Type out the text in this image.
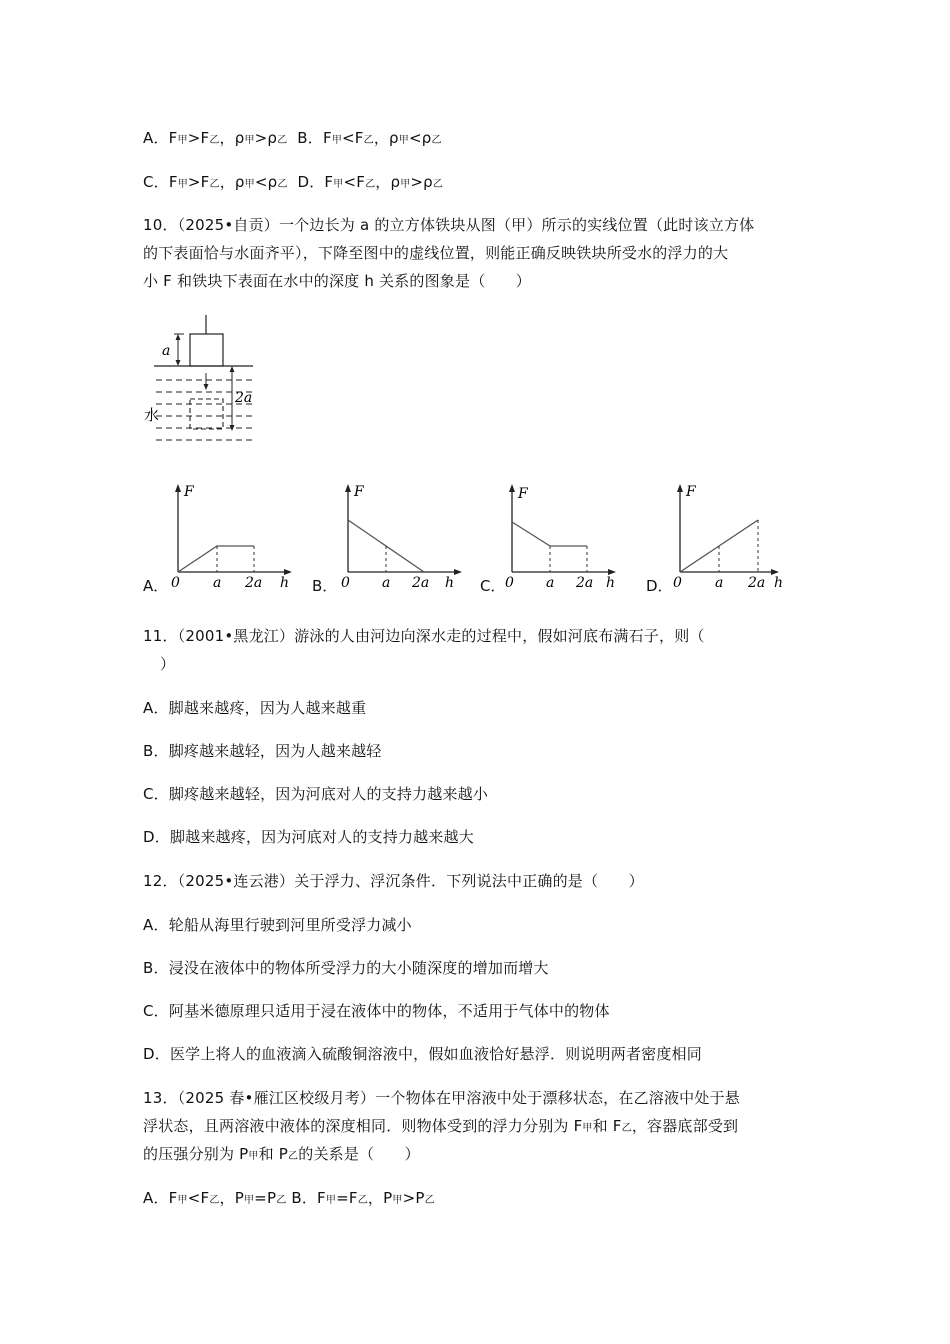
A．F甲>F乙，ρ甲>ρ乙 B．F甲<F乙，ρ甲<ρ乙
C．F甲>F乙，ρ甲<ρ乙 D．F甲<F乙，ρ甲>ρ乙
10．（2025•自贡）一个边长为 a 的立方体铁块从图（甲）所示的实线位置（此时该立方体
的下表面恰与水面齐平），下降至图中的虚线位置，则能正确反映铁块所受水的浮力的大
小 F 和铁块下表面在水中的深度 h 关系的图象是（　　）
a
2a
水
A．
F
0 a 2a h B．
F
0 a 2a h C．
F
0 a 2a h D．
F
0 a 2a h
11．（2001•黑龙江）游泳的人由河边向深水走的过程中，假如河底布满石子，则（
）
A．脚越来越疼，因为人越来越重
B．脚疼越来越轻，因为人越来越轻
C．脚疼越来越轻，因为河底对人的支持力越来越小
D．脚越来越疼，因为河底对人的支持力越来越大
12．（2025•连云港）关于浮力、浮沉条件．下列说法中正确的是（　　）
A．轮船从海里行驶到河里所受浮力减小
B．浸没在液体中的物体所受浮力的大小随深度的增加而增大
C．阿基米德原理只适用于浸在液体中的物体，不适用于气体中的物体
D．医学上将人的血液滴入硫酸铜溶液中，假如血液恰好悬浮．则说明两者密度相同
13．（2025 春•雁江区校级月考）一个物体在甲溶液中处于漂移状态，在乙溶液中处于悬
浮状态，且两溶液中液体的深度相同．则物体受到的浮力分别为 F甲和 F乙，容器底部受到
的压强分别为 P甲和 P乙的关系是（　　）
A．F甲<F乙，P甲=P乙 B．F甲=F乙，P甲>P乙
